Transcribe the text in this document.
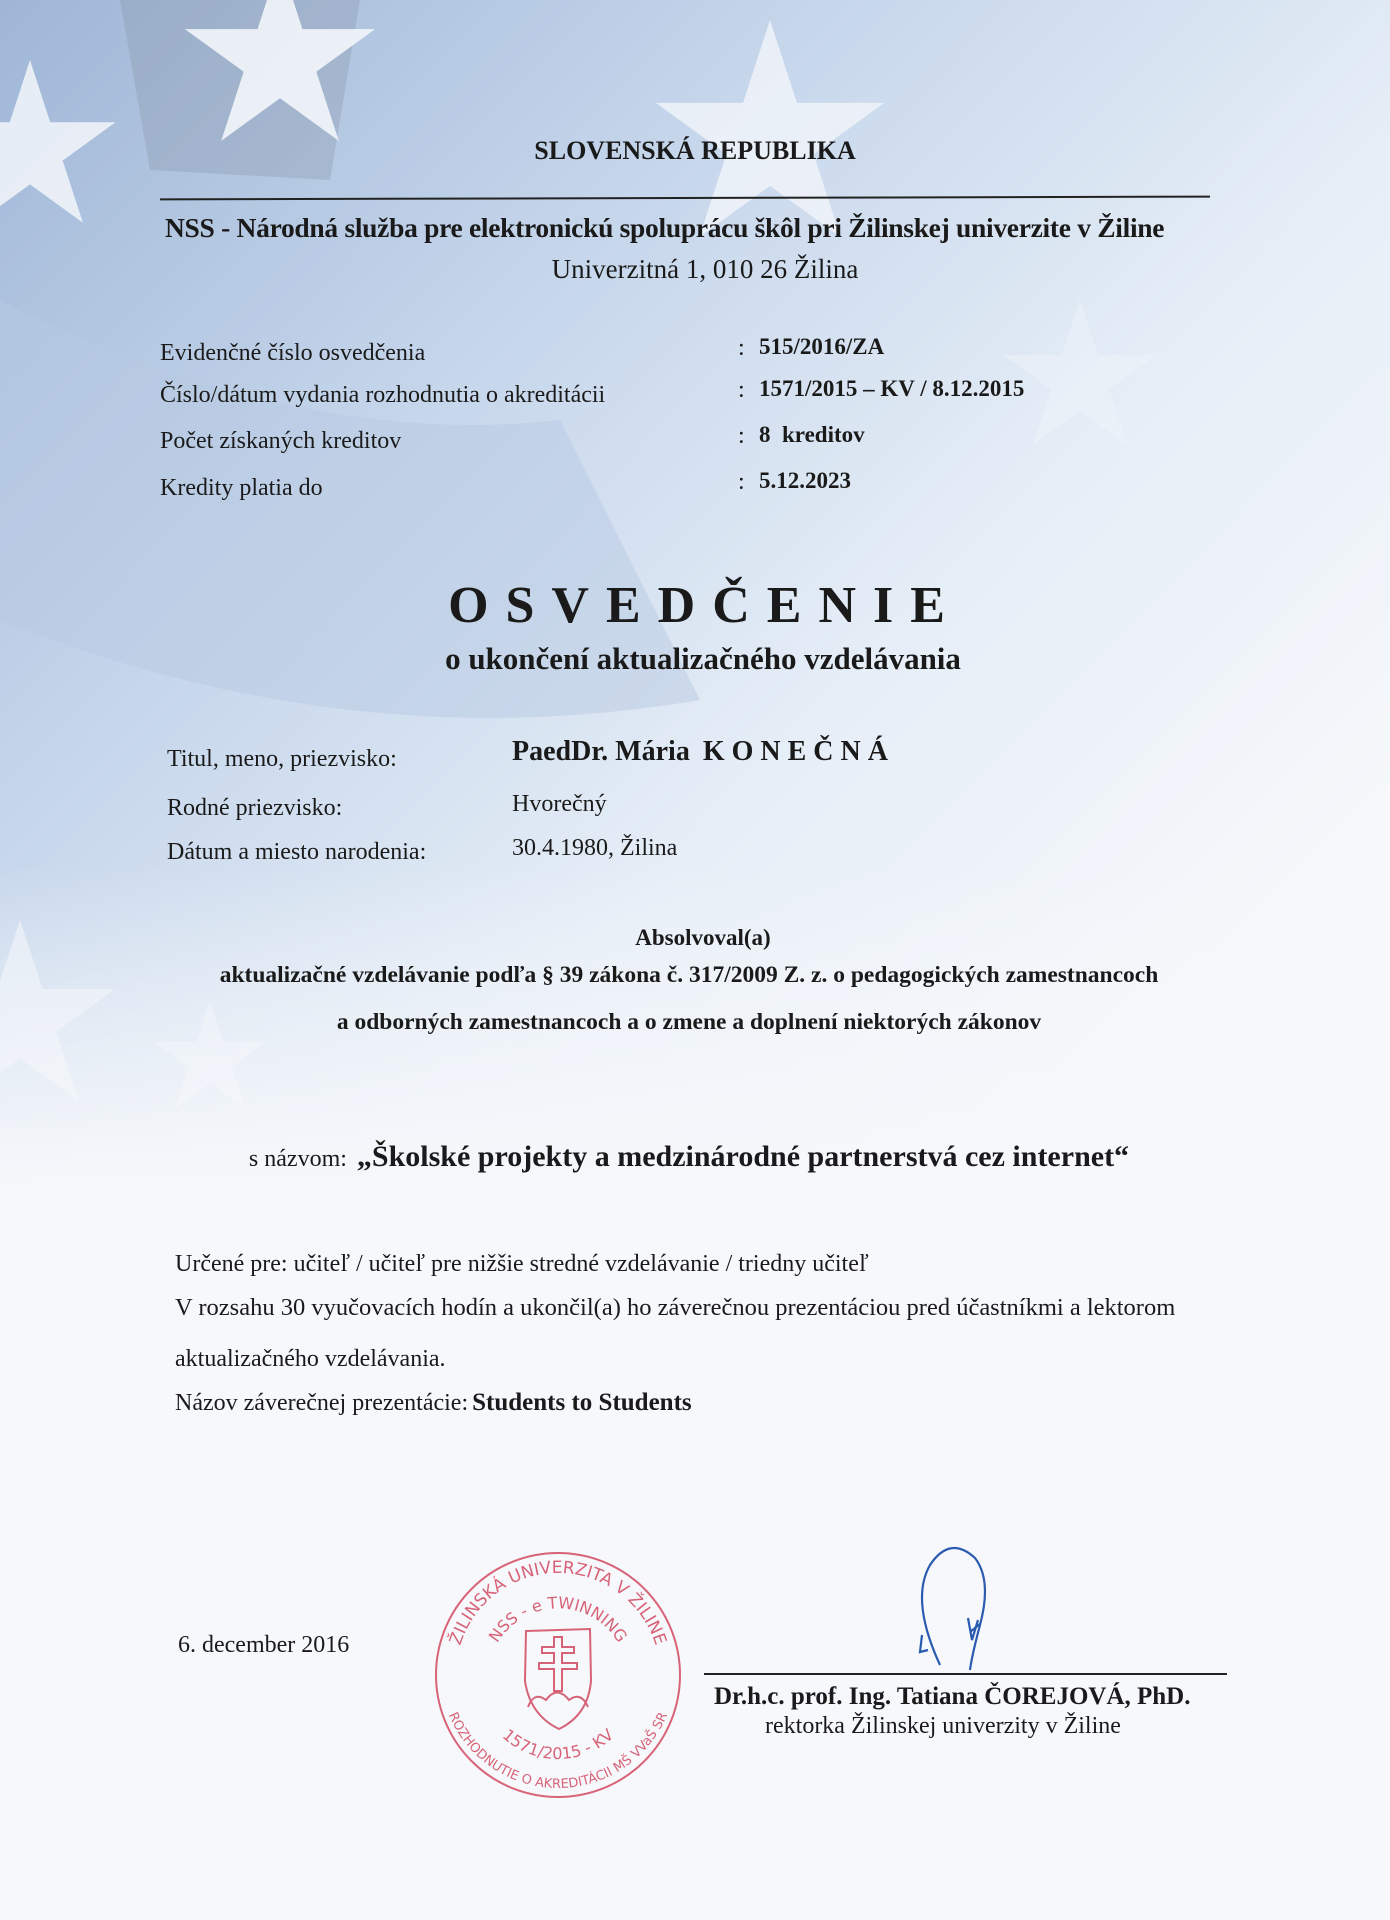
SLOVENSKÁ REPUBLIKA
NSS - Národná služba pre elektronickú spoluprácu škôl pri Žilinskej univerzite v Žiline
Univerzitná 1, 010 26 Žilina
Evidenčné číslo osvedčenia	: 515/2016/ZA
Číslo/dátum vydania rozhodnutia o akreditácii	: 1571/2015 – KV / 8.12.2015
Počet získaných kreditov	: 8  kreditov
Kredity platia do	: 5.12.2023
OSVEDČENIE
o ukončení aktualizačného vzdelávania
Titul, meno, priezvisko:	PaedDr. Mária KONEČNÁ
Rodné priezvisko:	Hvorečný
Dátum a miesto narodenia:	30.4.1980, Žilina
Absolvoval(a)
aktualizačné vzdelávanie podľa § 39 zákona č. 317/2009 Z. z. o pedagogických zamestnancoch
a odborných zamestnancoch a o zmene a doplnení niektorých zákonov
s názvom: „Školské projekty a medzinárodné partnerstvá cez internet“
Určené pre: učiteľ / učiteľ pre nižšie stredné vzdelávanie / triedny učiteľ
V rozsahu 30 vyučovacích hodín a ukončil(a) ho záverečnou prezentáciou pred účastníkmi a lektorom
aktualizačného vzdelávania.
Názov záverečnej prezentácie: Students to Students
6. december 2016	ŽILINSKÁ UNIVERZITA V ŽILINE
NSS - e TWINNING
ROZHODNUTIE O AKREDITÁCII MŠ VVaŠ SR
1571/2015 - KV
Dr.h.c. prof. Ing. Tatiana ČOREJOVÁ, PhD.
rektorka Žilinskej univerzity v Žiline
